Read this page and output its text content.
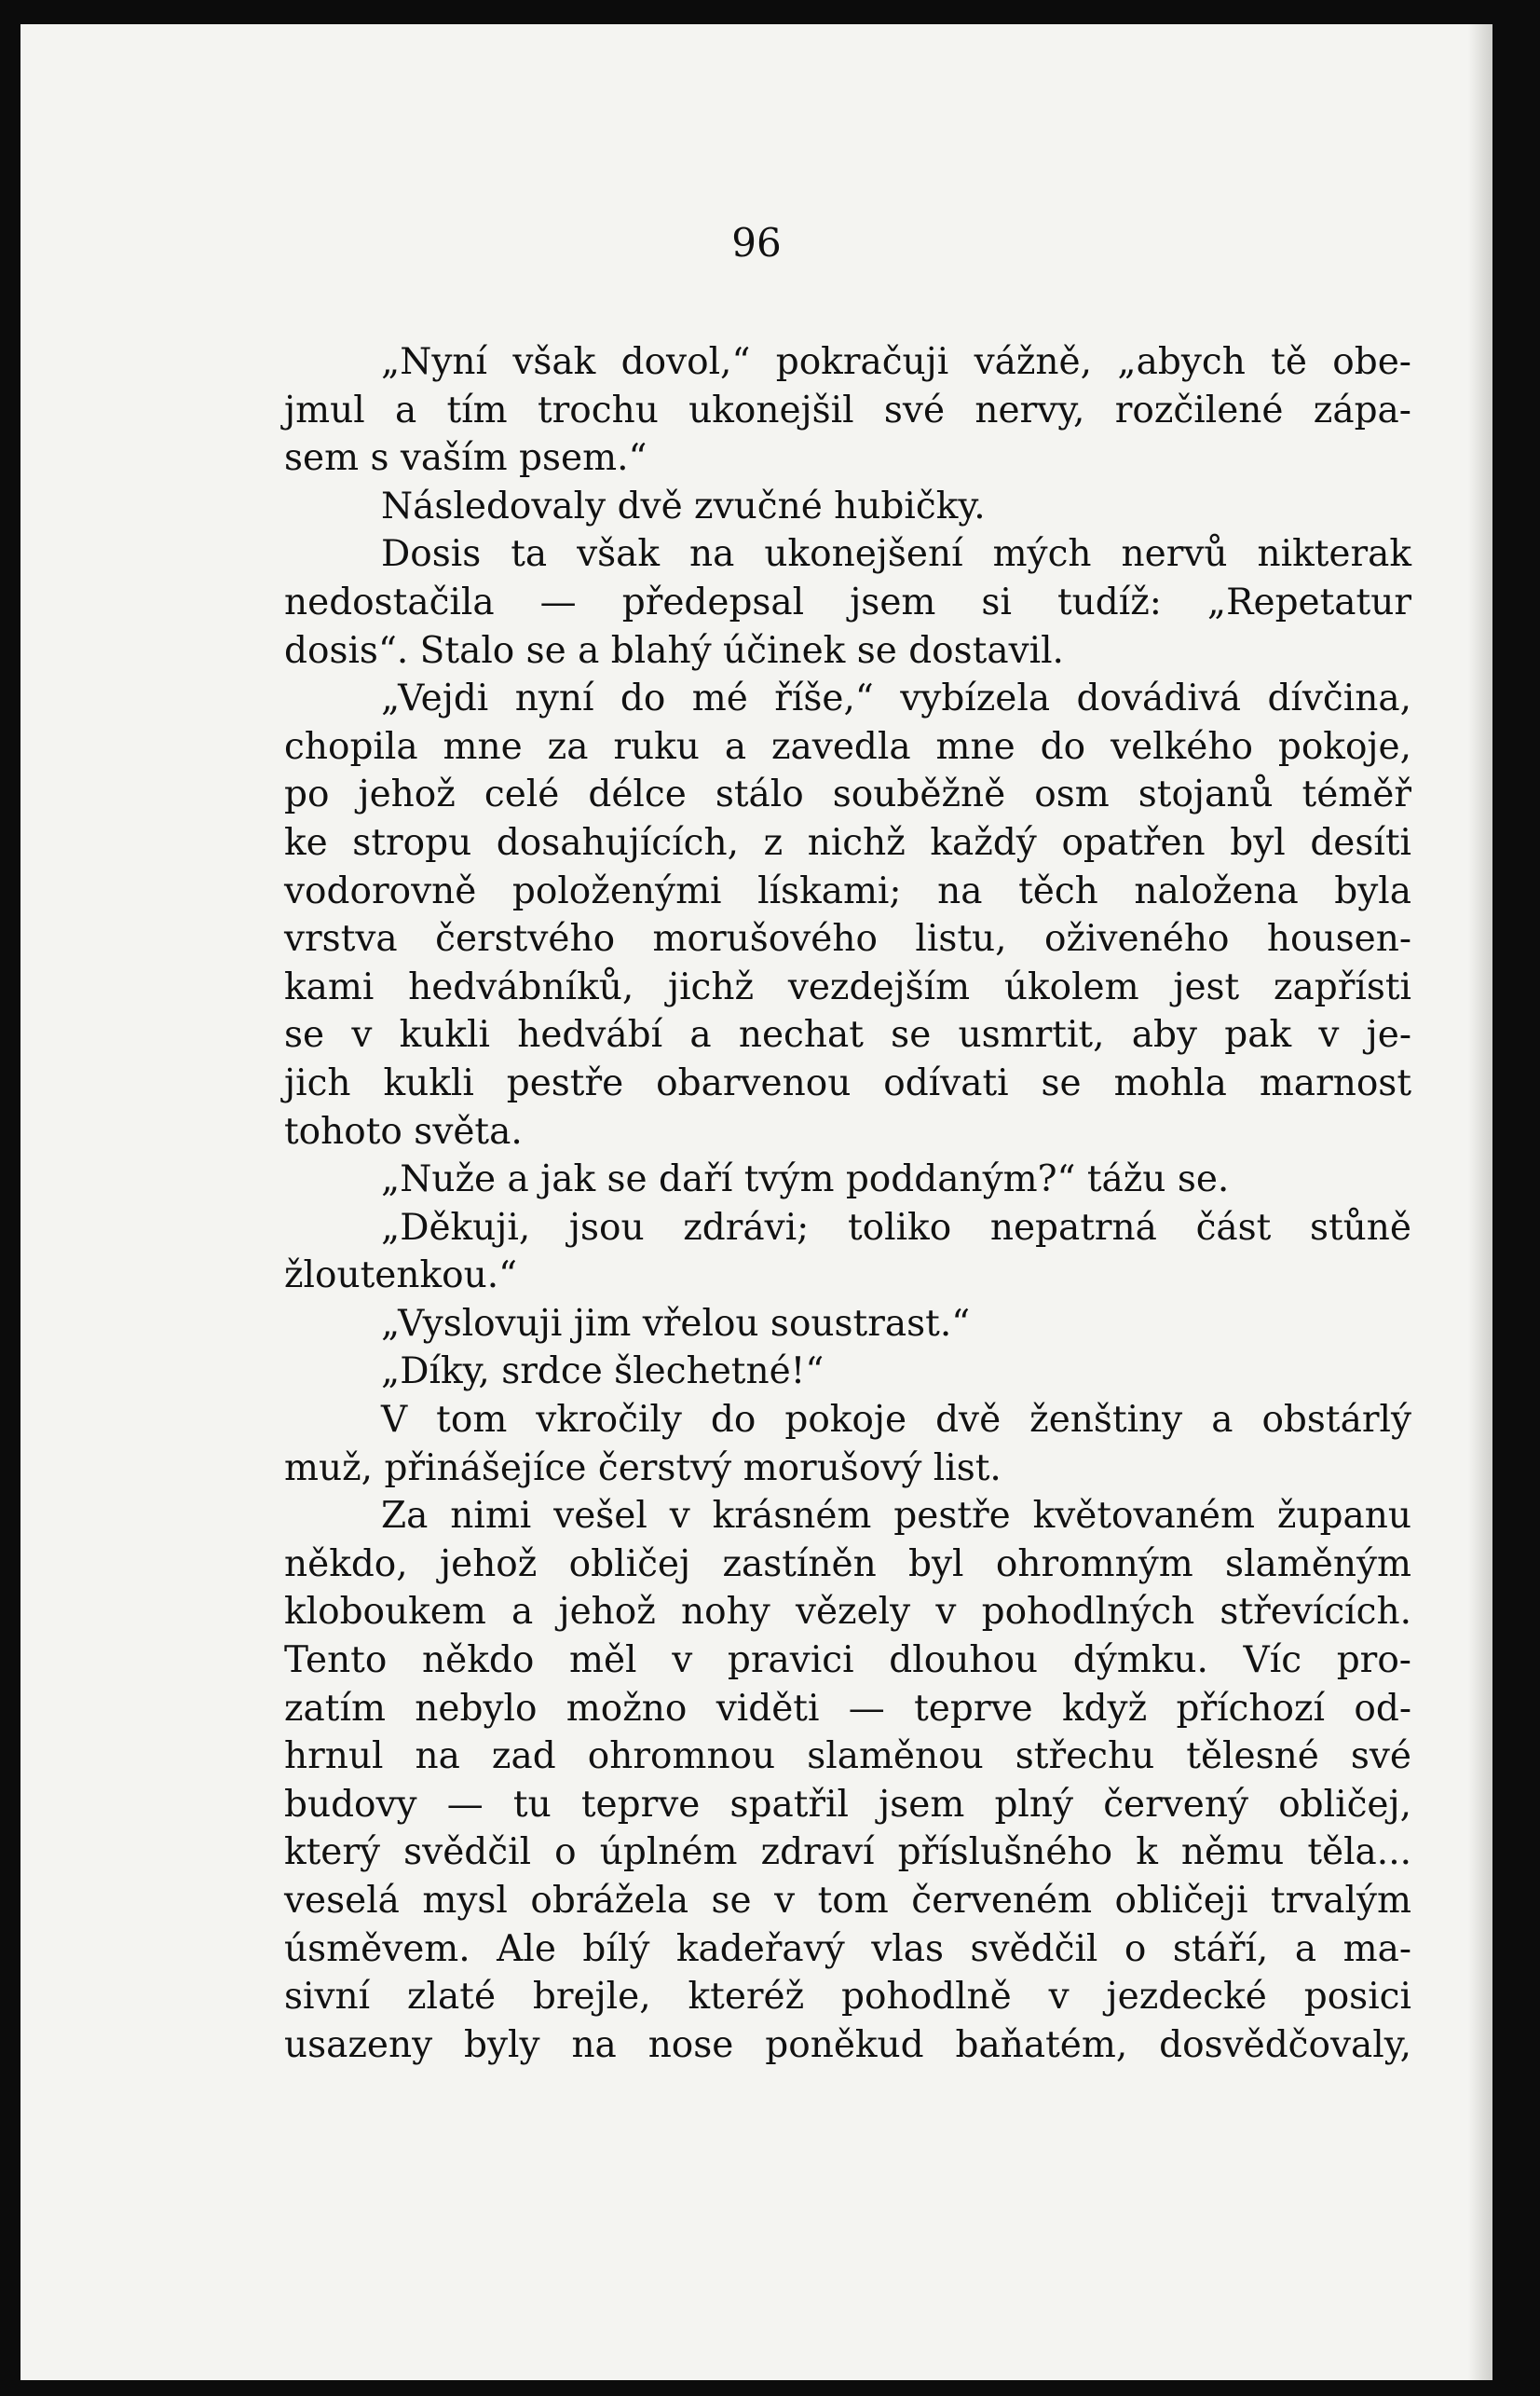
96
„Nyní však dovol,“ pokračuji vážně, „abych tě obe-
jmul a tím trochu ukonejšil své nervy, rozčilené zápa-
sem s vaším psem.“
Následovaly dvě zvučné hubičky.
Dosis ta však na ukonejšení mých nervů nikterak
nedostačila — předepsal jsem si tudíž: „Repetatur
dosis“. Stalo se a blahý účinek se dostavil.
„Vejdi nyní do mé říše,“ vybízela dovádivá dívčina,
chopila mne za ruku a zavedla mne do velkého pokoje,
po jehož celé délce stálo souběžně osm stojanů téměř
ke stropu dosahujících, z nichž každý opatřen byl desíti
vodorovně položenými lískami; na těch naložena byla
vrstva čerstvého morušového listu, oživeného housen-
kami hedvábníků, jichž vezdejším úkolem jest zapřísti
se v kukli hedvábí a nechat se usmrtit, aby pak v je-
jich kukli pestře obarvenou odívati se mohla marnost
tohoto světa.
„Nuže a jak se daří tvým poddaným?“ tážu se.
„Děkuji, jsou zdrávi; toliko nepatrná část stůně
žloutenkou.“
„Vyslovuji jim vřelou soustrast.“
„Díky, srdce šlechetné!“
V tom vkročily do pokoje dvě ženštiny a obstárlý
muž, přinášejíce čerstvý morušový list.
Za nimi vešel v krásném pestře květovaném županu
někdo, jehož obličej zastíněn byl ohromným slaměným
kloboukem a jehož nohy vězely v pohodlných střevících.
Tento někdo měl v pravici dlouhou dýmku. Víc pro-
zatím nebylo možno viděti — teprve když příchozí od-
hrnul na zad ohromnou slaměnou střechu tělesné své
budovy — tu teprve spatřil jsem plný červený obličej,
který svědčil o úplném zdraví příslušného k němu těla...
veselá mysl obrážela se v tom červeném obličeji trvalým
úsměvem. Ale bílý kadeřavý vlas svědčil o stáří, a ma-
sivní zlaté brejle, kteréž pohodlně v jezdecké posici
usazeny byly na nose poněkud baňatém, dosvědčovaly,
